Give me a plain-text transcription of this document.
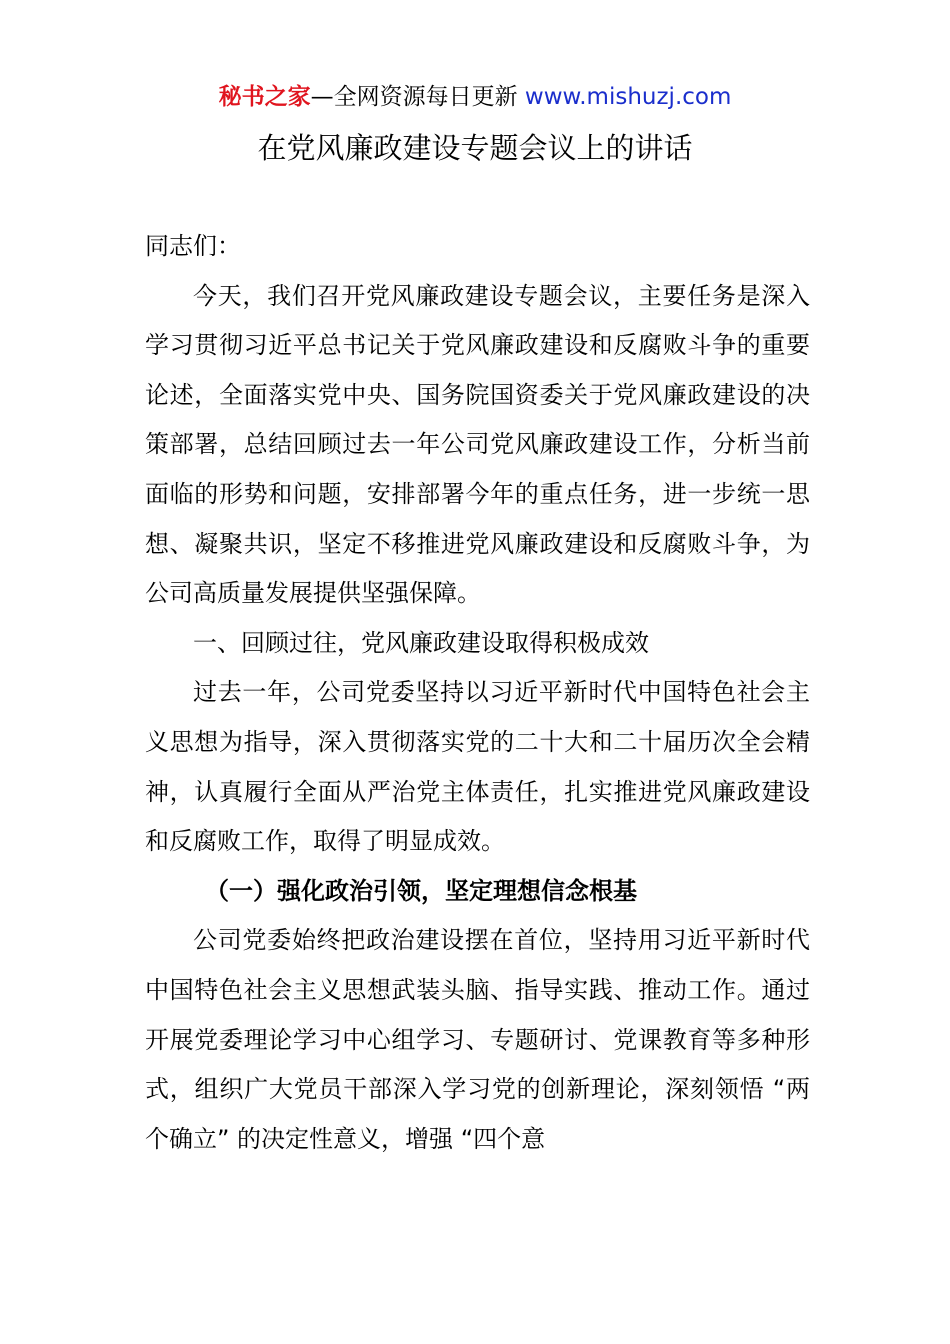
秘书之家—全网资源每日更新 www.mishuzj.com
在党风廉政建设专题会议上的讲话

同志们：

今天，我们召开党风廉政建设专题会议，主要任务是深入学习贯彻习近平总书记关于党风廉政建设和反腐败斗争的重要论述，全面落实党中央、国务院国资委关于党风廉政建设的决策部署，总结回顾过去一年公司党风廉政建设工作，分析当前面临的形势和问题，安排部署今年的重点任务，进一步统一思想、凝聚共识，坚定不移推进党风廉政建设和反腐败斗争，为公司高质量发展提供坚强保障。

一、回顾过往，党风廉政建设取得积极成效

过去一年，公司党委坚持以习近平新时代中国特色社会主义思想为指导，深入贯彻落实党的二十大和二十届历次全会精神，认真履行全面从严治党主体责任，扎实推进党风廉政建设和反腐败工作，取得了明显成效。

（一）强化政治引领，坚定理想信念根基

公司党委始终把政治建设摆在首位，坚持用习近平新时代中国特色社会主义思想武装头脑、指导实践、推动工作。通过开展党委理论学习中心组学习、专题研讨、党课教育等多种形式，组织广大党员干部深入学习党的创新理论，深刻领悟 “两个确立” 的决定性意义，增强 “四个意
